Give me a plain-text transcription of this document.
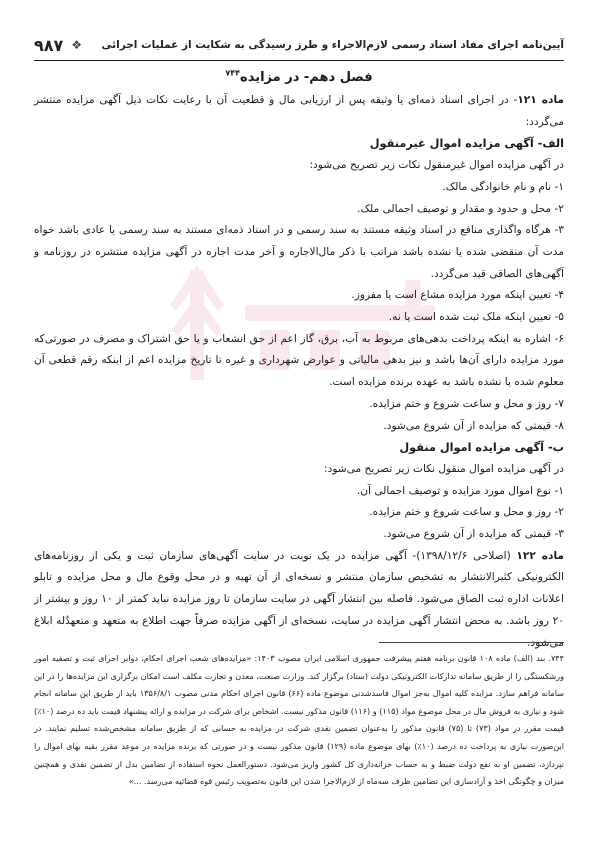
آیین‌نامه اجرای مفاد اسناد رسمی لازم‌الاجراء و طرز رسیدگی به شکایت از عملیات اجرائی
۹۸۷ ❖

فصل دهم- در مزایده$^{۷۴۴}$

ماده ۱۲۱- در اجرای اسناد ذمه‌ای یا وثیقه پس از ارزیابی مال و قطعیت آن با رعایت نکات ذیل آگهی مزایده منتشر می‌گردد:

الف- آگهی مزایده اموال غیرمنقول

در آگهی مزایده اموال غیرمنقول نکات زیر تصریح می‌شود:

۱- نام و نام خانوادگی مالک.

۲- محل و حدود و مقدار و توصیف اجمالی ملک.

۳- هرگاه واگذاری منافع در اسناد وثیقه مستند به سند رسمی و در اسناد ذمه‌ای مستند به سند رسمی یا عادی باشد خواه مدت آن منقضی شده یا نشده باشد مراتب با ذکر مال‌الاجاره و آخر مدت اجاره در آگهی مزایده منتشره در روزنامه و آگهی‌های الصاقی قید می‌گردد.

۴- تعیین اینکه مورد مزایده مشاع است یا مفروز.

۵- تعیین اینکه ملک ثبت شده است یا نه.

۶- اشاره به اینکه پرداخت بدهی‌های مربوط به آب، برق، گاز اعم از حق انشعاب و یا حق اشتراک و مصرف در صورتی‌که مورد مزایده دارای آن‌ها باشد و نیز بدهی مالیاتی و عوارض شهرداری و غیره تا تاریخ مزایده اعم از اینکه رقم قطعی آن معلوم شده یا نشده باشد به عهده برنده مزایده است.

۷- روز و محل و ساعت شروع و ختم مزایده.

۸- قیمتی که مزایده از آن شروع می‌شود.

ب- آگهی مزایده اموال منقول

در آگهی مزایده اموال منقول نکات زیر تصریح می‌شود:

۱- نوع اموال مورد مزایده و توصیف اجمالی آن.

۲- روز و محل و ساعت شروع و ختم مزایده.

۳- قیمتی که مزایده از آن شروع می‌شود.

ماده ۱۲۲ (اصلاحی ۱۳۹۸/۱۲/۶)- آگهی مزایده در یک نوبت در سایت آگهی‌های سازمان ثبت و یکی از روزنامه‌های الکترونیکی کثیرالانتشار به تشخیص سازمان منتشر و نسخه‌ای از آن تهیه و در محل وقوع مال و محل مزایده و تابلو اعلانات اداره ثبت الصاق می‌شود. فاصله بین انتشار آگهی در سایت سازمان تا روز مزایده نباید کمتر از ۱۰ روز و بیشتر از ۲۰ روز باشد. به محض انتشار آگهی مزایده در سایت، نسخه‌ای از آگهی مزایده صرفاً جهت اطلاع به متعهد و متعهدٌله ابلاغ می‌شود.

۷۴۴. بند (الف) ماده ۱۰۸ قانون برنامه هفتم پیشرفت جمهوری اسلامی ایران مصوب ۱۴۰۳: «مزایده‌های شعب اجرای احکام، دوایر اجرای ثبت و تصفیه امور ورشکستگی را از طریق سامانه تدارکات الکترونیکی دولت (ستاد) برگزار کند. وزارت صنعت، معدن و تجارت مکلف است امکان برگزاری این مزایده‌ها را در این سامانه فراهم سازد. مزایده کلیه اموال به‌جز اموال فاسدشدنی موضوع ماده (۶۶) قانون اجرای احکام مدنی مصوب ۱۳۵۶/۸/۱ باید از طریق این سامانه انجام شود و نیازی به فروش مال در محل موضوع مواد (۱۱۵) و (۱۱۶) قانون مذکور نیست. اشخاص برای شرکت در مزایده و ارائه پیشنهاد قیمت باید ده درصد (۱۰٪) قیمت مقرر در مواد (۷۳) تا (۷۵) قانون مذکور را به‌عنوان تضمین نقدی شرکت در مزایده به حسابی که از طریق سامانه مشخص‌شده تسلیم نمایند. در این‌صورت نیازی به پرداخت ده درصد (۱۰٪) بهای موضوع ماده (۱۲۹) قانون مذکور نیست و در صورتی که برنده مزایده در موعد مقرر بقیه بهای اموال را نپردازد، تضمین او به نفع دولت ضبط و به حساب خزانه‌داری کل کشور واریز می‌شود. دستورالعمل نحوه استفاده از تضامین بدل از تضمین نقدی و همچنین میزان و چگونگی اخذ و آزادسازی این تضامین ظرف سه‌ماه از لازم‌الاجرا شدن این قانون به‌تصویب رئیس قوه قضائیه می‌رسد. ...»
